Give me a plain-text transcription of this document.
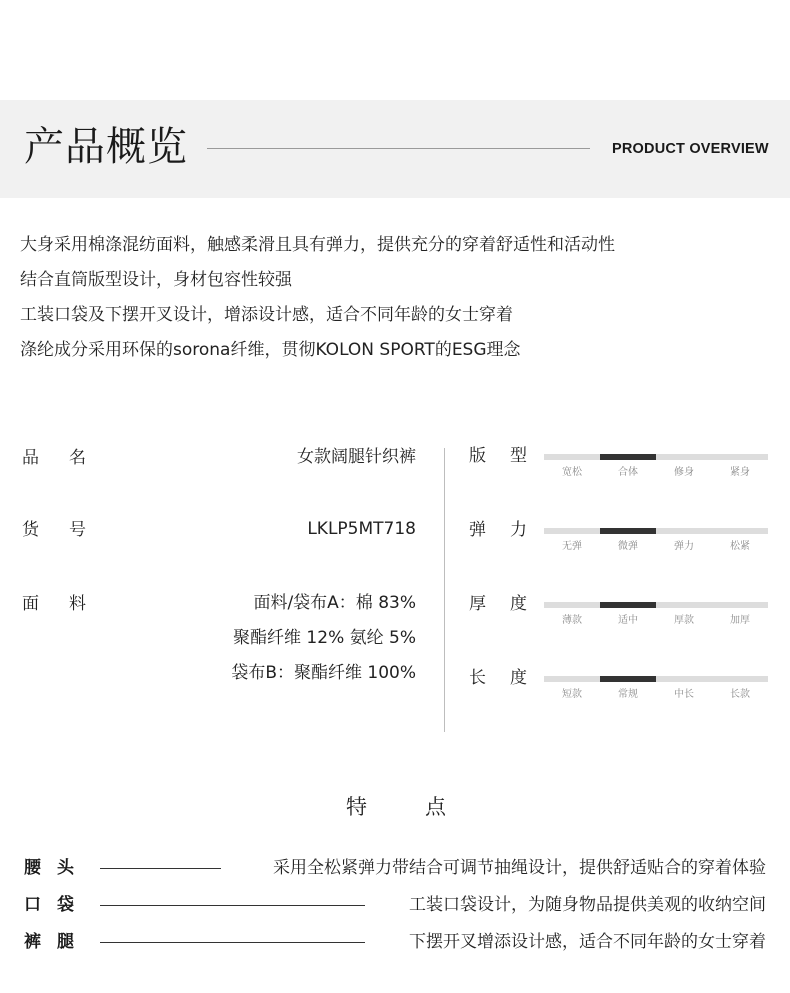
产品概览	PRODUCT OVERVIEW
大身采用棉涤混纺面料，触感柔滑且具有弹力，提供充分的穿着舒适性和活动性
结合直筒版型设计，身材包容性较强
工装口袋及下摆开叉设计，增添设计感，适合不同年龄的女士穿着
涤纶成分采用环保的sorona纤维，贯彻KOLON SPORT的ESG理念
品 名	女款阔腿针织裤
货 号	LKLP5MT718
面 料	面料/袋布A：棉 83%
聚酯纤维 12% 氨纶 5%
袋布B：聚酯纤维 100%
版 型
宽松	合体	修身	紧身
弹 力
无弹	微弹	弹力	松紧
厚 度
薄款	适中	厚款	加厚
长 度
短款	常规	中长	长款
特	点
腰 头	采用全松紧弹力带结合可调节抽绳设计，提供舒适贴合的穿着体验
口 袋	工装口袋设计，为随身物品提供美观的收纳空间
裤 腿	下摆开叉增添设计感，适合不同年龄的女士穿着
